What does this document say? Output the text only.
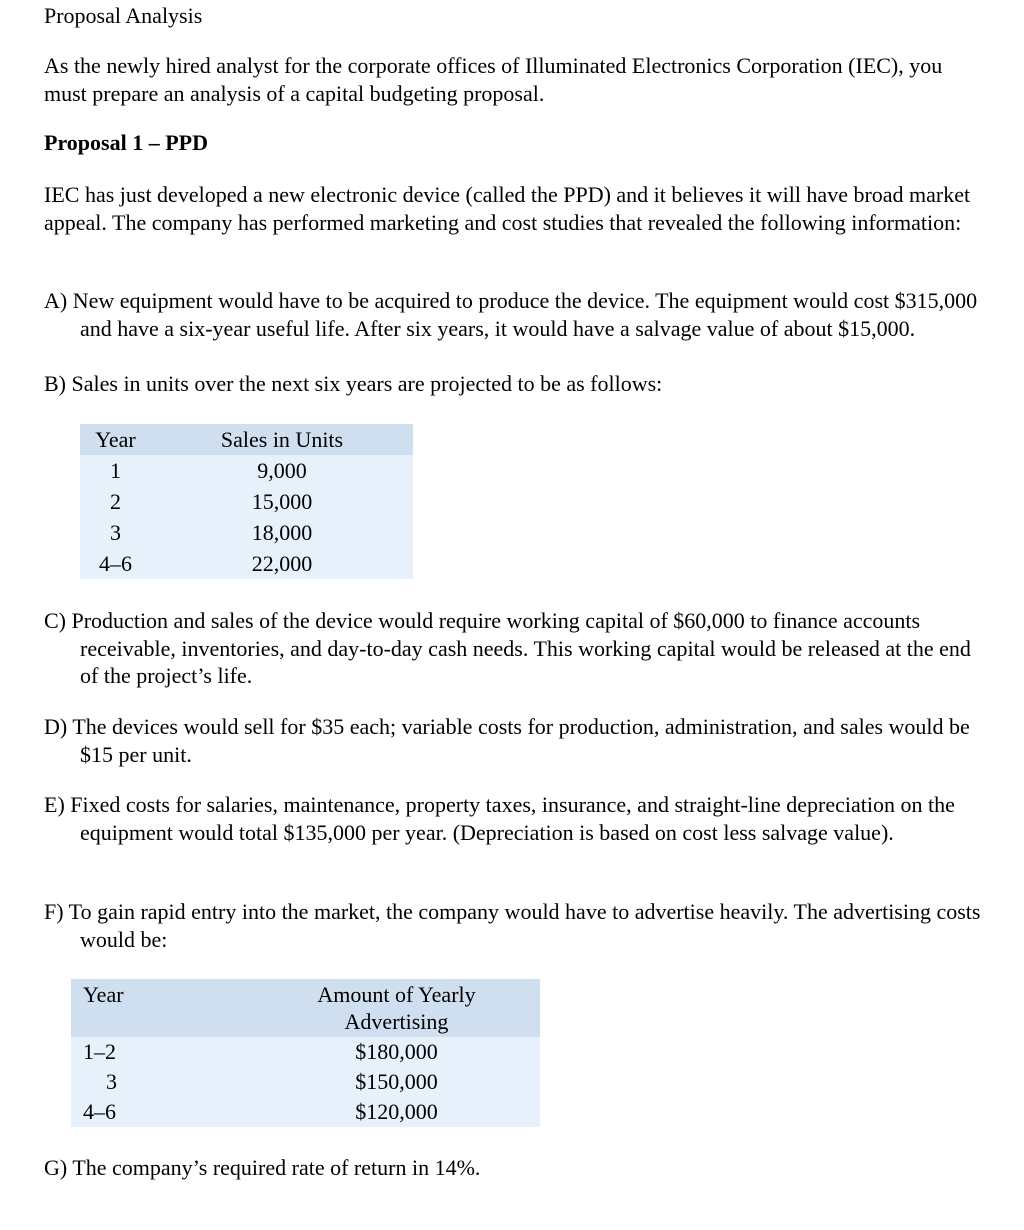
Proposal Analysis
As the newly hired analyst for the corporate offices of Illuminated Electronics Corporation (IEC), you must prepare an analysis of a capital budgeting proposal.
Proposal 1 – PPD
IEC has just developed a new electronic device (called the PPD) and it believes it will have broad market appeal. The company has performed marketing and cost studies that revealed the following information:
A) New equipment would have to be acquired to produce the device. The equipment would cost $315,000 and have a six-year useful life. After six years, it would have a salvage value of about $15,000.
B) Sales in units over the next six years are projected to be as follows:
Year	Sales in Units
1	9,000
2	15,000
3	18,000
4–6	22,000
C) Production and sales of the device would require working capital of $60,000 to finance accounts receivable, inventories, and day-to-day cash needs. This working capital would be released at the end of the project’s life.
D) The devices would sell for $35 each; variable costs for production, administration, and sales would be $15 per unit.
E) Fixed costs for salaries, maintenance, property taxes, insurance, and straight-line depreciation on the equipment would total $135,000 per year. (Depreciation is based on cost less salvage value).
F) To gain rapid entry into the market, the company would have to advertise heavily. The advertising costs would be:
Year	Amount of Yearly Advertising
1–2	$180,000
3	$150,000
4–6	$120,000
G) The company’s required rate of return in 14%.
